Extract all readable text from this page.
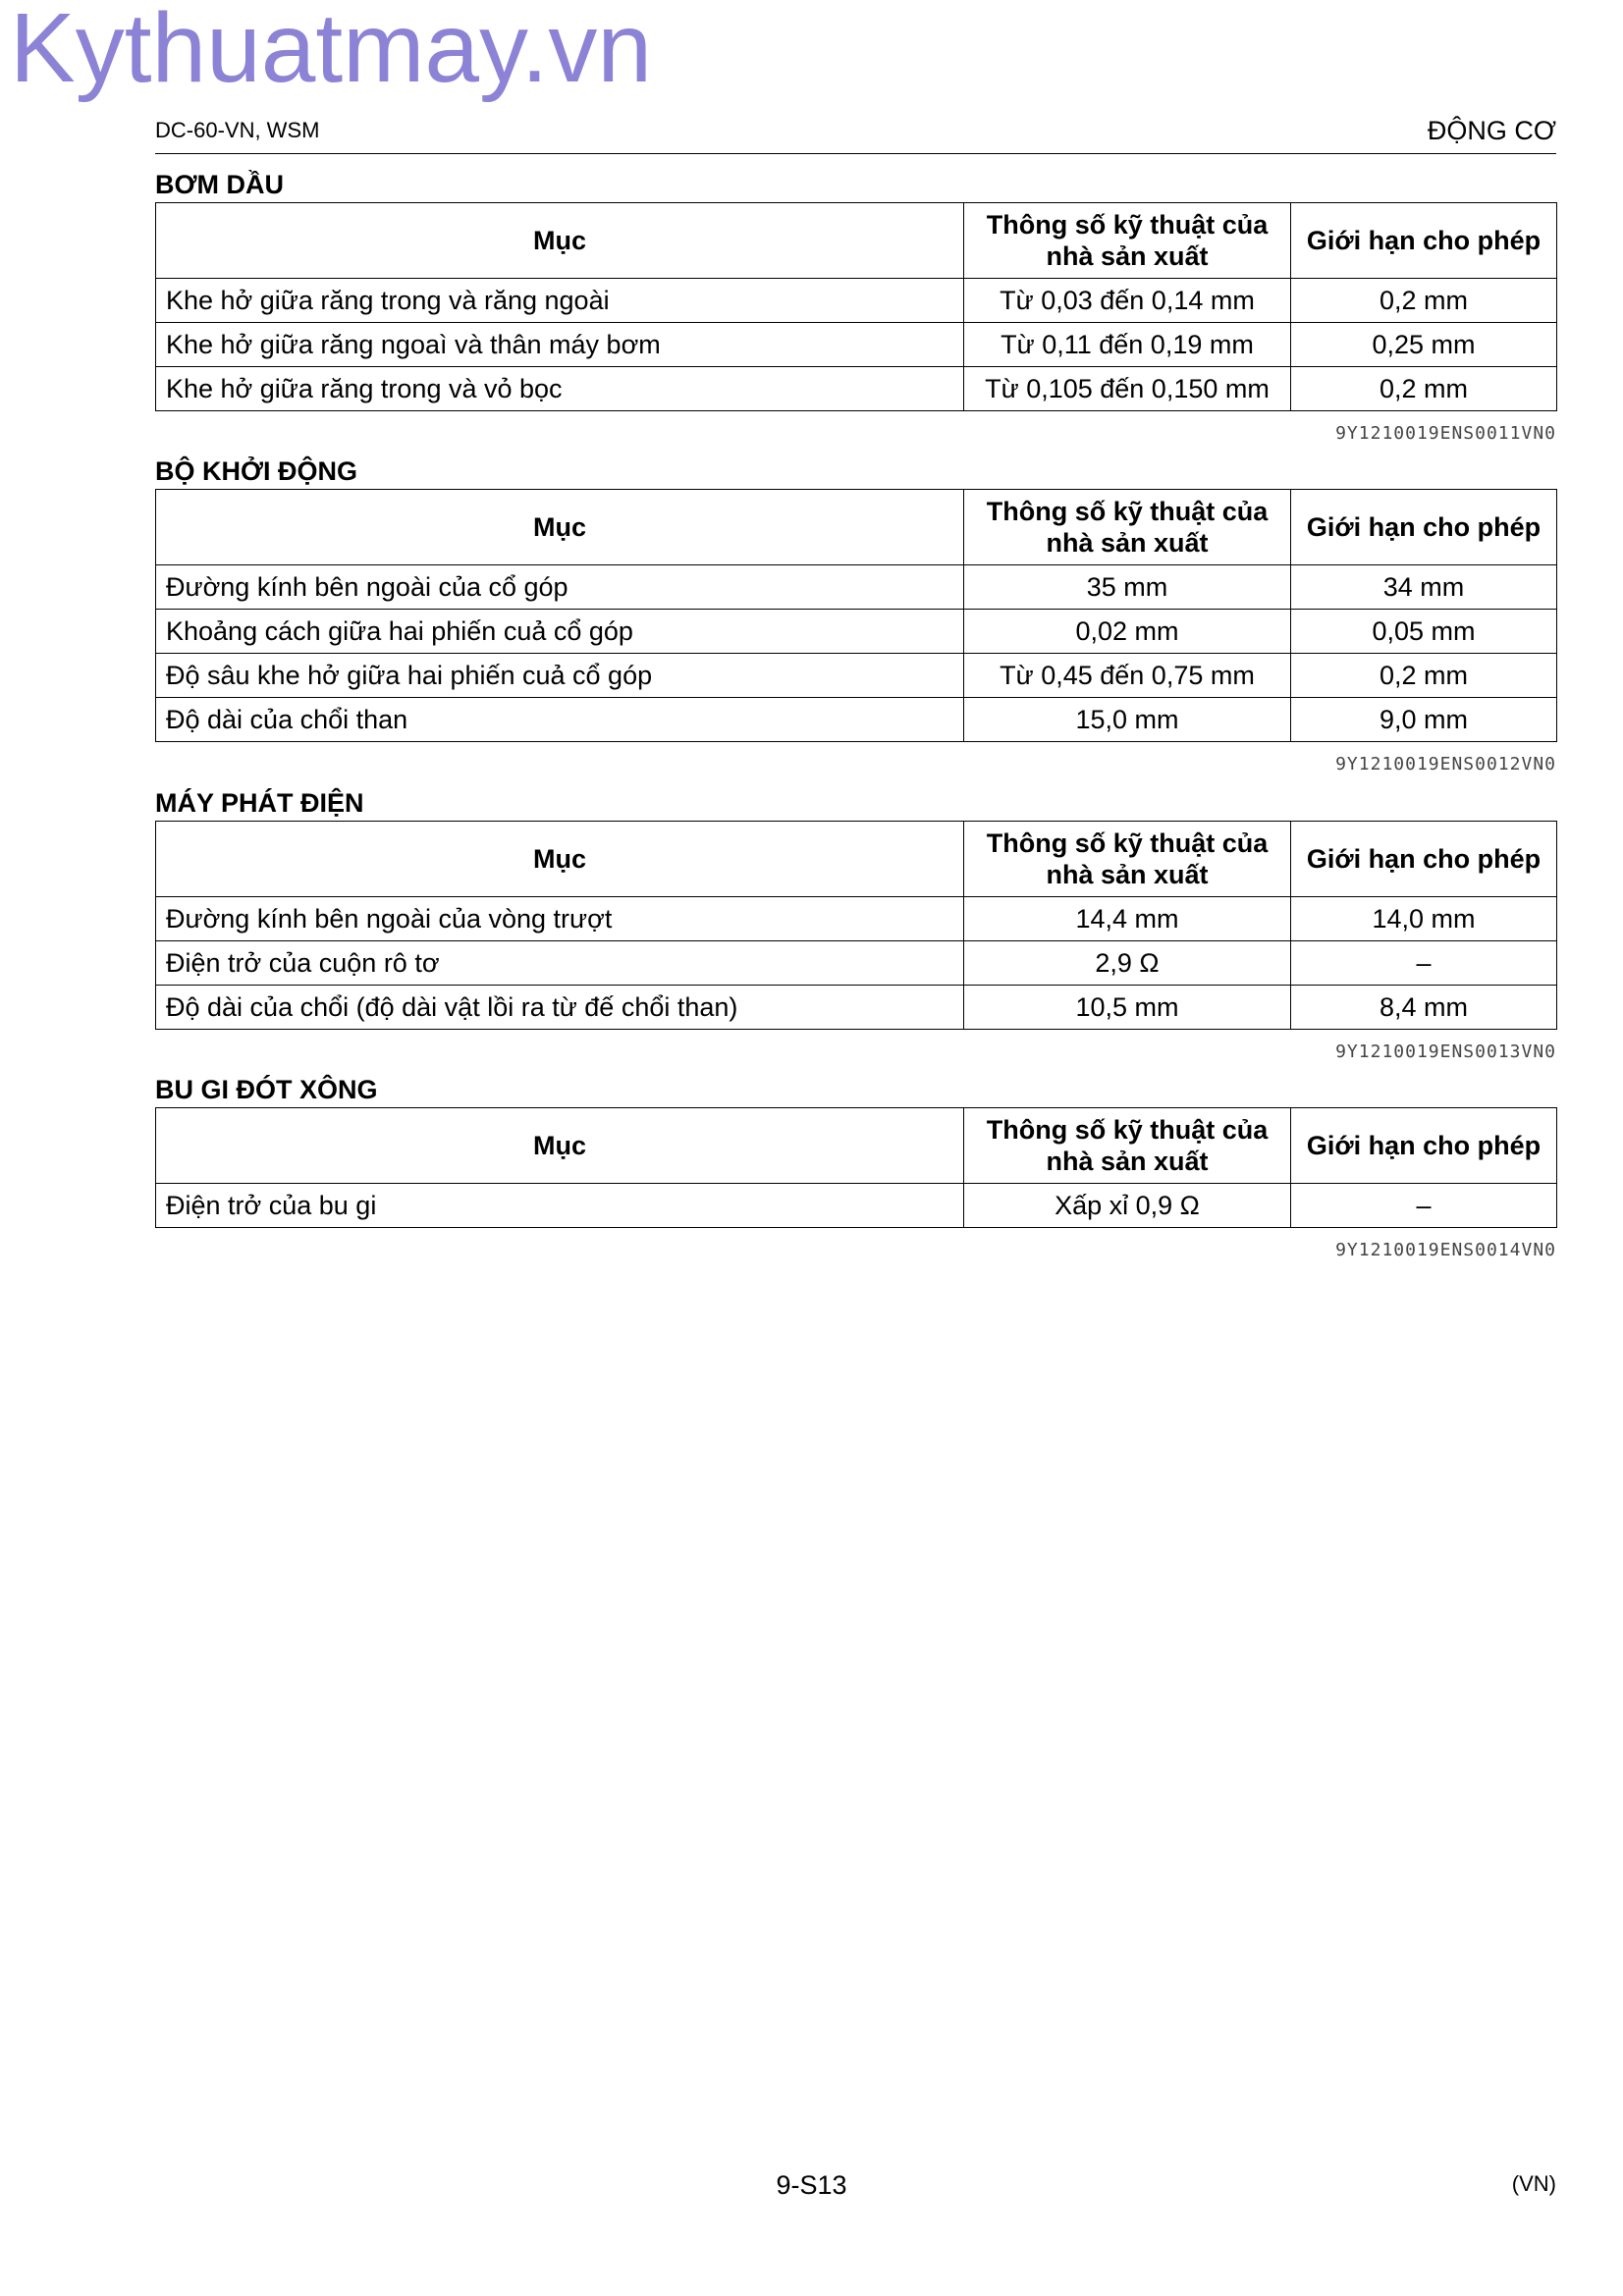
Kythuatmay.vn
DC-60-VN, WSM	ĐỘNG CƠ
BƠM DẦU
Mục	Thông số kỹ thuật của nhà sản xuất	Giới hạn cho phép
Khe hở giữa răng trong và răng ngoài	Từ 0,03 đến 0,14 mm	0,2 mm
Khe hở giữa răng ngoaì và thân máy bơm	Từ 0,11 đến 0,19 mm	0,25 mm
Khe hở giữa răng trong và vỏ bọc	Từ 0,105 đến 0,150 mm	0,2 mm
9Y1210019ENS0011VN0
BỘ KHỞI ĐỘNG
Mục	Thông số kỹ thuật của nhà sản xuất	Giới hạn cho phép
Đường kính bên ngoài của cổ góp	35 mm	34 mm
Khoảng cách giữa hai phiến cuả cổ góp	0,02 mm	0,05 mm
Độ sâu khe hở giữa hai phiến cuả cổ góp	Từ 0,45 đến 0,75 mm	0,2 mm
Độ dài của chổi than	15,0 mm	9,0 mm
9Y1210019ENS0012VN0
MÁY PHÁT ĐIỆN
Mục	Thông số kỹ thuật của nhà sản xuất	Giới hạn cho phép
Đường kính bên ngoài của vòng trượt	14,4 mm	14,0 mm
Điện trở của cuộn rô tơ	2,9 Ω	–
Độ dài của chổi (độ dài vật lồi ra từ đế chổi than)	10,5 mm	8,4 mm
9Y1210019ENS0013VN0
BU GI ĐÓT XÔNG
Mục	Thông số kỹ thuật của nhà sản xuất	Giới hạn cho phép
Điện trở của bu gi	Xấp xỉ 0,9 Ω	–
9Y1210019ENS0014VN0
9-S13	(VN)
